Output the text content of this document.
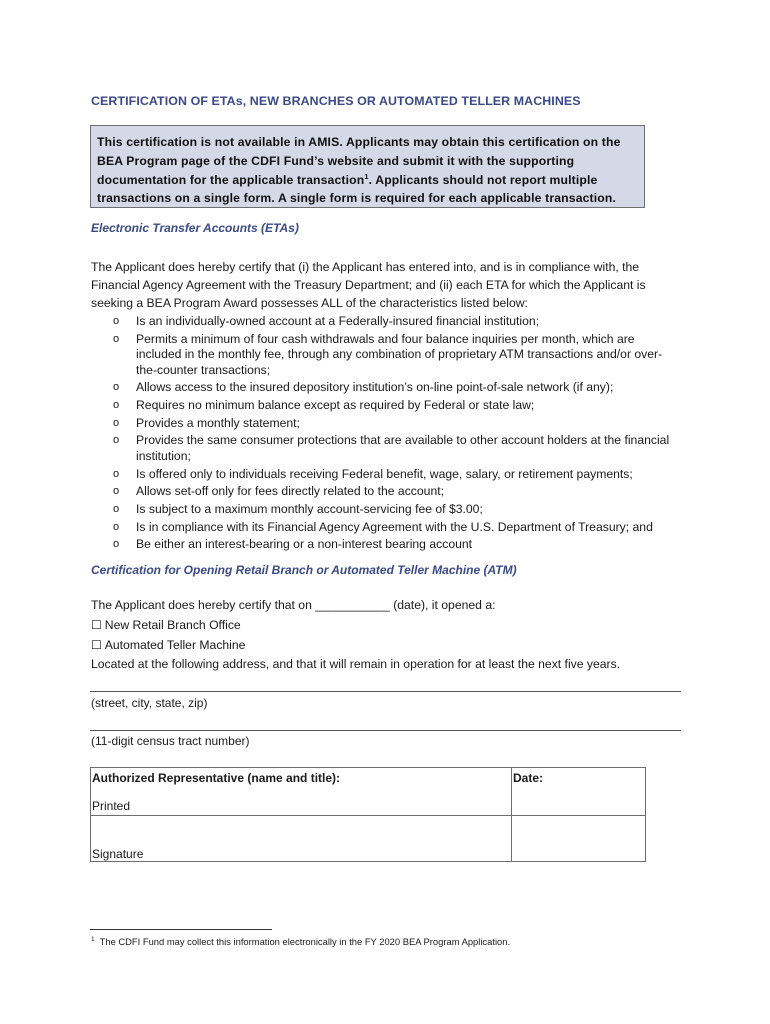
CERTIFICATION OF ETAs, NEW BRANCHES OR AUTOMATED TELLER MACHINES
This certification is not available in AMIS. Applicants may obtain this certification on the BEA Program page of the CDFI Fund’s website and submit it with the supporting documentation for the applicable transaction$^1$. Applicants should not report multiple transactions on a single form. A single form is required for each applicable transaction.
Electronic Transfer Accounts (ETAs)
The Applicant does hereby certify that (i) the Applicant has entered into, and is in compliance with, the Financial Agency Agreement with the Treasury Department; and (ii) each ETA for which the Applicant is seeking a BEA Program Award possesses ALL of the characteristics listed below:
o Is an individually-owned account at a Federally-insured financial institution;
o Permits a minimum of four cash withdrawals and four balance inquiries per month, which are included in the monthly fee, through any combination of proprietary ATM transactions and/or over-the-counter transactions;
o Allows access to the insured depository institution’s on-line point-of-sale network (if any);
o Requires no minimum balance except as required by Federal or state law;
o Provides a monthly statement;
o Provides the same consumer protections that are available to other account holders at the financial institution;
o Is offered only to individuals receiving Federal benefit, wage, salary, or retirement payments;
o Allows set-off only for fees directly related to the account;
o Is subject to a maximum monthly account-servicing fee of $3.00;
o Is in compliance with its Financial Agency Agreement with the U.S. Department of Treasury; and
o Be either an interest-bearing or a non-interest bearing account
Certification for Opening Retail Branch or Automated Teller Machine (ATM)
The Applicant does hereby certify that on ___________ (date), it opened a:
☐ New Retail Branch Office
☐ Automated Teller Machine
Located at the following address, and that it will remain in operation for at least the next five years.
(street, city, state, zip)
(11-digit census tract number)
Authorized Representative (name and title):
Printed	Date:

Signature	

$^1$ The CDFI Fund may collect this information electronically in the FY 2020 BEA Program Application.
